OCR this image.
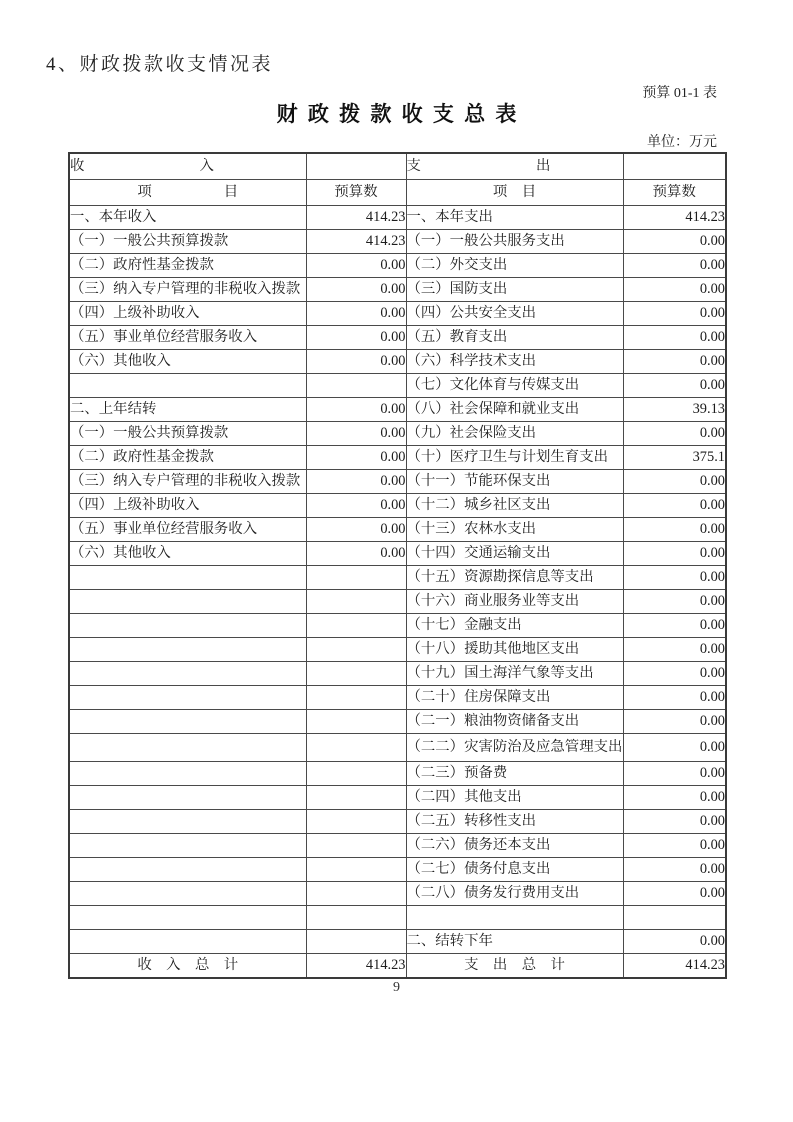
4、财政拨款收支情况表
预算 01-1 表
财 政 拨 款 收 支 总 表
单位：万元
收　　　　　　　　入		支　　　　　　　　出	
项　　　　　目	预算数	项　目	预算数
一、本年收入	414.23	一、本年支出	414.23
（一）一般公共预算拨款	414.23	（一）一般公共服务支出	0.00
（二）政府性基金拨款	0.00	（二）外交支出	0.00
（三）纳入专户管理的非税收入拨款	0.00	（三）国防支出	0.00
（四）上级补助收入	0.00	（四）公共安全支出	0.00
（五）事业单位经营服务收入	0.00	（五）教育支出	0.00
（六）其他收入	0.00	（六）科学技术支出	0.00
		（七）文化体育与传媒支出	0.00
二、上年结转	0.00	（八）社会保障和就业支出	39.13
（一）一般公共预算拨款	0.00	（九）社会保险支出	0.00
（二）政府性基金拨款	0.00	（十）医疗卫生与计划生育支出	375.1
（三）纳入专户管理的非税收入拨款	0.00	（十一）节能环保支出	0.00
（四）上级补助收入	0.00	（十二）城乡社区支出	0.00
（五）事业单位经营服务收入	0.00	（十三）农林水支出	0.00
（六）其他收入	0.00	（十四）交通运输支出	0.00
		（十五）资源勘探信息等支出	0.00
		（十六）商业服务业等支出	0.00
		（十七）金融支出	0.00
		（十八）援助其他地区支出	0.00
		（十九）国土海洋气象等支出	0.00
		（二十）住房保障支出	0.00
		（二一）粮油物资储备支出	0.00
		（二二）灾害防治及应急管理支出	0.00
		（二三）预备费	0.00
		（二四）其他支出	0.00
		（二五）转移性支出	0.00
		（二六）债务还本支出	0.00
		（二七）债务付息支出	0.00
		（二八）债务发行费用支出	0.00

		二、结转下年	0.00
收　入　总　计	414.23	支　出　总　计	414.23
9
